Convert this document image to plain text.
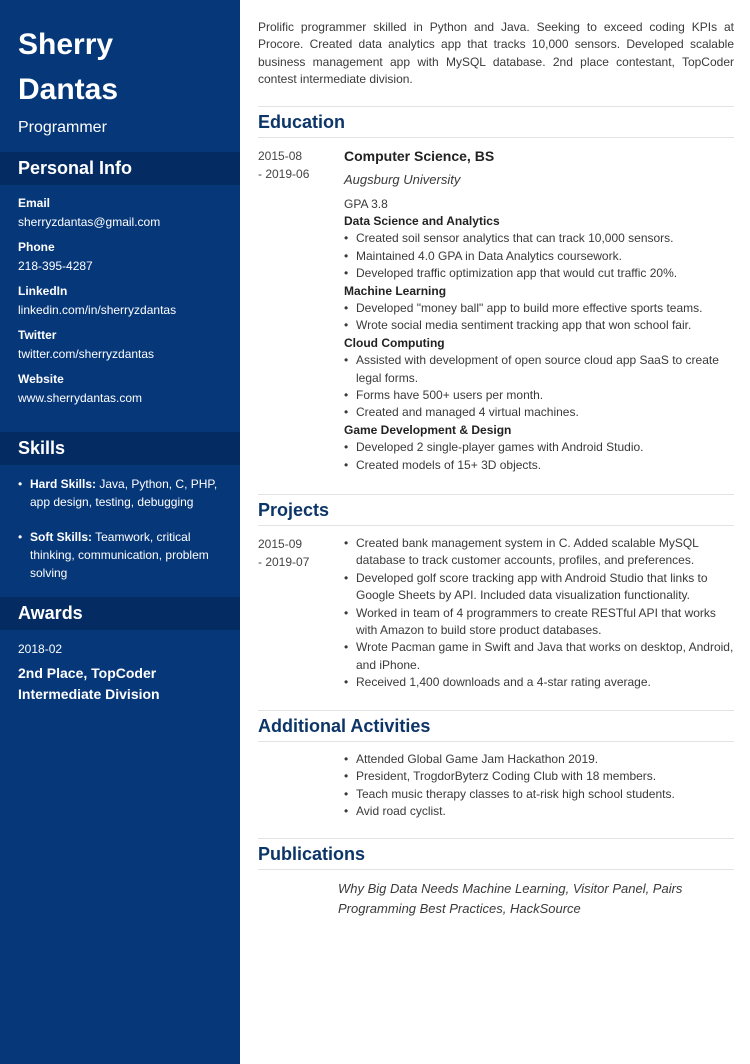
Sherry
Dantas
Programmer
Personal Info
Email
sherryzdantas@gmail.com
Phone
218-395-4287
LinkedIn
linkedin.com/in/sherryzdantas
Twitter
twitter.com/sherryzdantas
Website
www.sherrydantas.com
Skills
• Hard Skills: Java, Python, C, PHP, app design, testing, debugging
• Soft Skills: Teamwork, critical thinking, communication, problem solving
Awards
2018-02
2nd Place, TopCoder Intermediate Division
Prolific programmer skilled in Python and Java. Seeking to exceed coding KPIs at Procore. Created data analytics app that tracks 10,000 sensors. Developed scalable business management app with MySQL database. 2nd place contestant, TopCoder contest intermediate division.
Education
2015-08
- 2019-06
Computer Science, BS
Augsburg University
GPA 3.8
Data Science and Analytics
• Created soil sensor analytics that can track 10,000 sensors.
• Maintained 4.0 GPA in Data Analytics coursework.
• Developed traffic optimization app that would cut traffic 20%.
Machine Learning
• Developed "money ball" app to build more effective sports teams.
• Wrote social media sentiment tracking app that won school fair.
Cloud Computing
• Assisted with development of open source cloud app SaaS to create legal forms.
• Forms have 500+ users per month.
• Created and managed 4 virtual machines.
Game Development & Design
• Developed 2 single-player games with Android Studio.
• Created models of 15+ 3D objects.
Projects
2015-09
- 2019-07
• Created bank management system in C. Added scalable MySQL database to track customer accounts, profiles, and preferences.
• Developed golf score tracking app with Android Studio that links to Google Sheets by API. Included data visualization functionality.
• Worked in team of 4 programmers to create RESTful API that works with Amazon to build store product databases.
• Wrote Pacman game in Swift and Java that works on desktop, Android, and iPhone.
• Received 1,400 downloads and a 4-star rating average.
Additional Activities
• Attended Global Game Jam Hackathon 2019.
• President, TrogdorByterz Coding Club with 18 members.
• Teach music therapy classes to at-risk high school students.
• Avid road cyclist.
Publications
Why Big Data Needs Machine Learning, Visitor Panel, Pairs Programming Best Practices, HackSource
